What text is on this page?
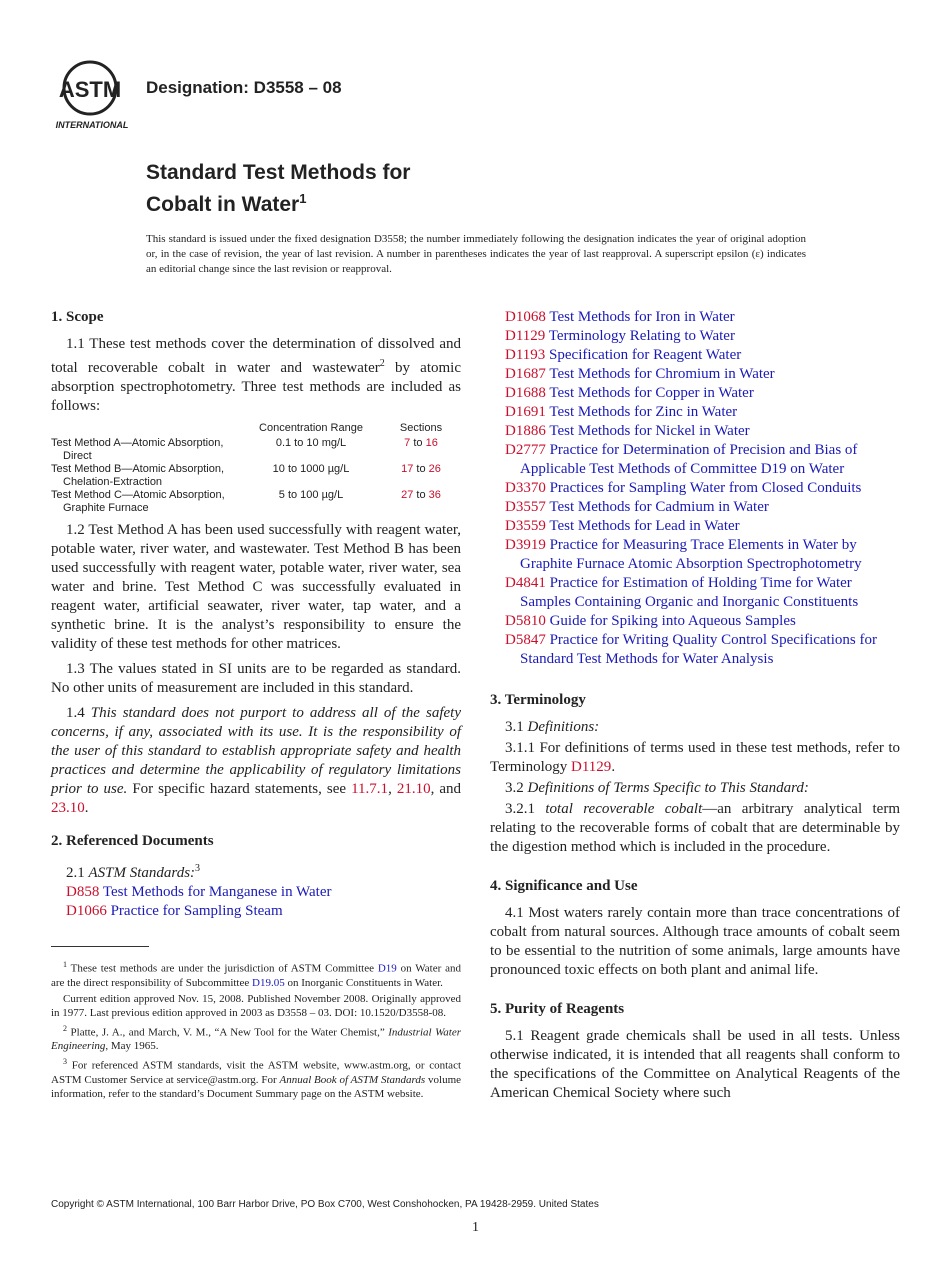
ASTM
INTERNATIONAL
Designation: D3558 – 08
Standard Test Methods for
Cobalt in Water$^1$
This standard is issued under the fixed designation D3558; the number immediately following the designation indicates the year of original adoption or, in the case of revision, the year of last revision. A number in parentheses indicates the year of last reapproval. A superscript epsilon (ε) indicates an editorial change since the last revision or reapproval.
1. Scope

1.1 These test methods cover the determination of dissolved and total recoverable cobalt in water and wastewater$^2$ by atomic absorption spectrophotometry. Three test methods are included as follows:

	Concentration Range	Sections

Test Method A—Atomic Absorption,
Direct	0.1 to 10 mg/L	7 to 16

Test Method B—Atomic Absorption,
Chelation-Extraction	10 to 1000 µg/L	17 to 26

Test Method C—Atomic Absorption,
Graphite Furnace	5 to 100 µg/L	27 to 36

1.2 Test Method A has been used successfully with reagent water, potable water, river water, and wastewater. Test Method B has been used successfully with reagent water, potable water, river water, sea water and brine. Test Method C was successfully evaluated in reagent water, artificial seawater, river water, tap water, and a synthetic brine. It is the analyst’s responsibility to ensure the validity of these test methods for other matrices.

1.3 The values stated in SI units are to be regarded as standard. No other units of measurement are included in this standard.

1.4 This standard does not purport to address all of the safety concerns, if any, associated with its use. It is the responsibility of the user of this standard to establish appropriate safety and health practices and determine the applicability of regulatory limitations prior to use. For specific hazard statements, see 11.7.1, 21.10, and 23.10.

2. Referenced Documents

2.1 ASTM Standards:$^3$

D858 Test Methods for Manganese in Water
D1066 Practice for Sampling Steam

$^1$ These test methods are under the jurisdiction of ASTM Committee D19 on Water and are the direct responsibility of Subcommittee D19.05 on Inorganic Constituents in Water.

Current edition approved Nov. 15, 2008. Published November 2008. Originally approved in 1977. Last previous edition approved in 2003 as D3558 – 03. DOI: 10.1520/D3558-08.

$^2$ Platte, J. A., and March, V. M., “A New Tool for the Water Chemist,” Industrial Water Engineering, May 1965.

$^3$ For referenced ASTM standards, visit the ASTM website, www.astm.org, or contact ASTM Customer Service at service@astm.org. For Annual Book of ASTM Standards volume information, refer to the standard’s Document Summary page on the ASTM website.

D1068 Test Methods for Iron in Water
D1129 Terminology Relating to Water
D1193 Specification for Reagent Water
D1687 Test Methods for Chromium in Water
D1688 Test Methods for Copper in Water
D1691 Test Methods for Zinc in Water
D1886 Test Methods for Nickel in Water
D2777 Practice for Determination of Precision and Bias of Applicable Test Methods of Committee D19 on Water
D3370 Practices for Sampling Water from Closed Conduits
D3557 Test Methods for Cadmium in Water
D3559 Test Methods for Lead in Water
D3919 Practice for Measuring Trace Elements in Water by Graphite Furnace Atomic Absorption Spectrophotometry
D4841 Practice for Estimation of Holding Time for Water Samples Containing Organic and Inorganic Constituents
D5810 Guide for Spiking into Aqueous Samples
D5847 Practice for Writing Quality Control Specifications for Standard Test Methods for Water Analysis
3. Terminology

3.1 Definitions:

3.1.1 For definitions of terms used in these test methods, refer to Terminology D1129.

3.2 Definitions of Terms Specific to This Standard:

3.2.1 total recoverable cobalt—an arbitrary analytical term relating to the recoverable forms of cobalt that are determinable by the digestion method which is included in the procedure.

4. Significance and Use

4.1 Most waters rarely contain more than trace concentrations of cobalt from natural sources. Although trace amounts of cobalt seem to be essential to the nutrition of some animals, large amounts have pronounced toxic effects on both plant and animal life.

5. Purity of Reagents

5.1 Reagent grade chemicals shall be used in all tests. Unless otherwise indicated, it is intended that all reagents shall conform to the specifications of the Committee on Analytical Reagents of the American Chemical Society where such

Copyright © ASTM International, 100 Barr Harbor Drive, PO Box C700, West Conshohocken, PA 19428-2959. United States
1
